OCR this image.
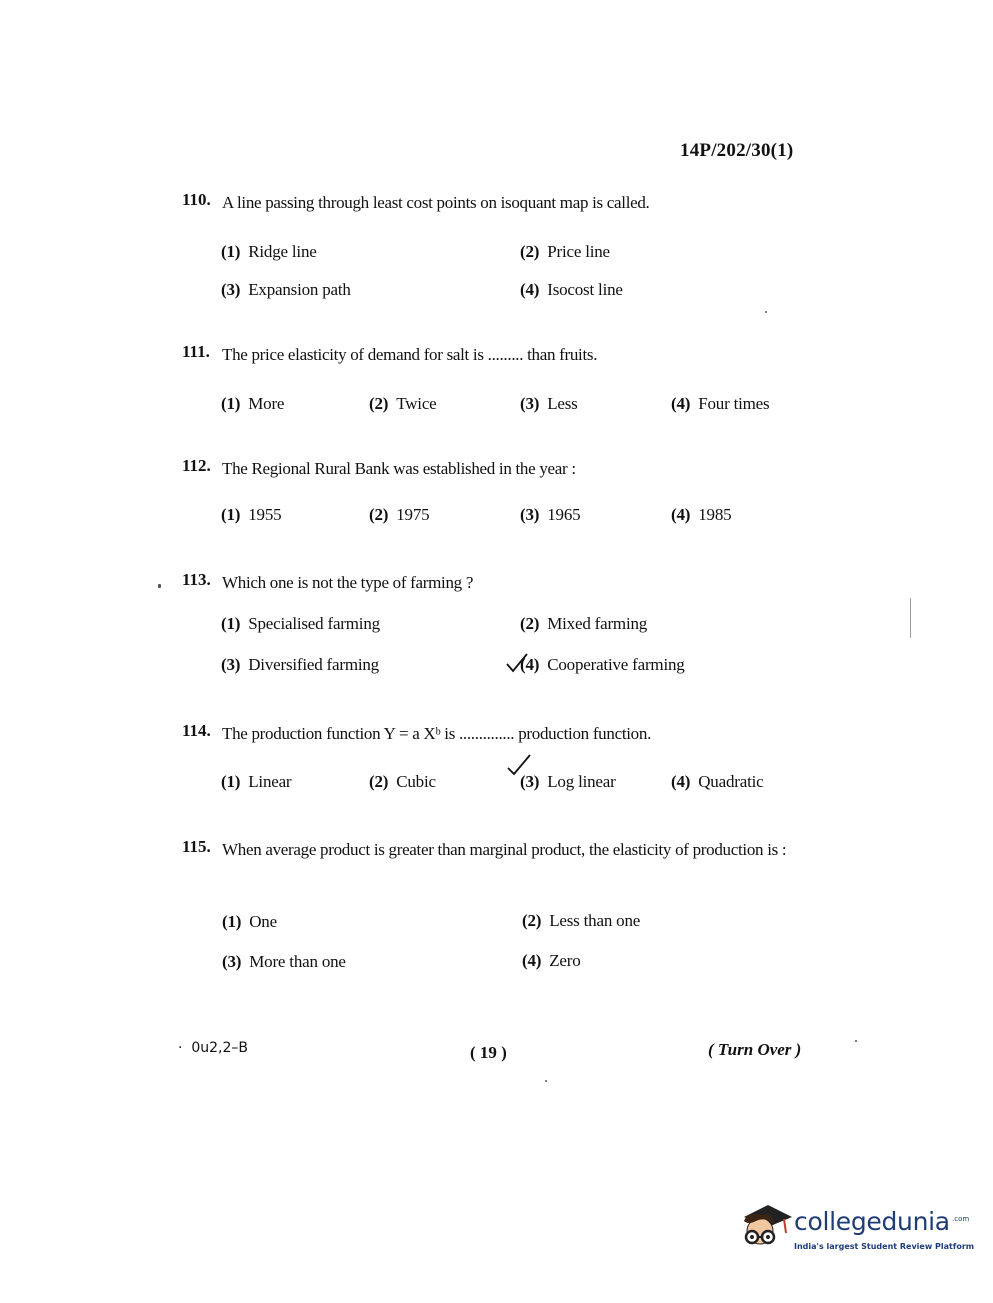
14P/202/30(1)
110. A line passing through least cost points on isoquant map is called.
(1) Ridge line	(2) Price line
(3) Expansion path	(4) Isocost line
111. The price elasticity of demand for salt is ......... than fruits.
(1) More	(2) Twice	(3) Less	(4) Four times
112. The Regional Rural Bank was established in the year :
(1) 1955	(2) 1975	(3) 1965	(4) 1985
113. Which one is not the type of farming ?
(1) Specialised farming	(2) Mixed farming
(3) Diversified farming	(4) Cooperative farming
114. The production function Y = a Xᵇ is .............. production function.
(1) Linear	(2) Cubic	(3) Log linear	(4) Quadratic
115. When average product is greater than marginal product, the elasticity of production is :
(1) One	(2) Less than one
(3) More than one	(4) Zero
·  0u2,2–B	( 19 )	( Turn Over )
collegedunia .com
India's largest Student Review Platform
